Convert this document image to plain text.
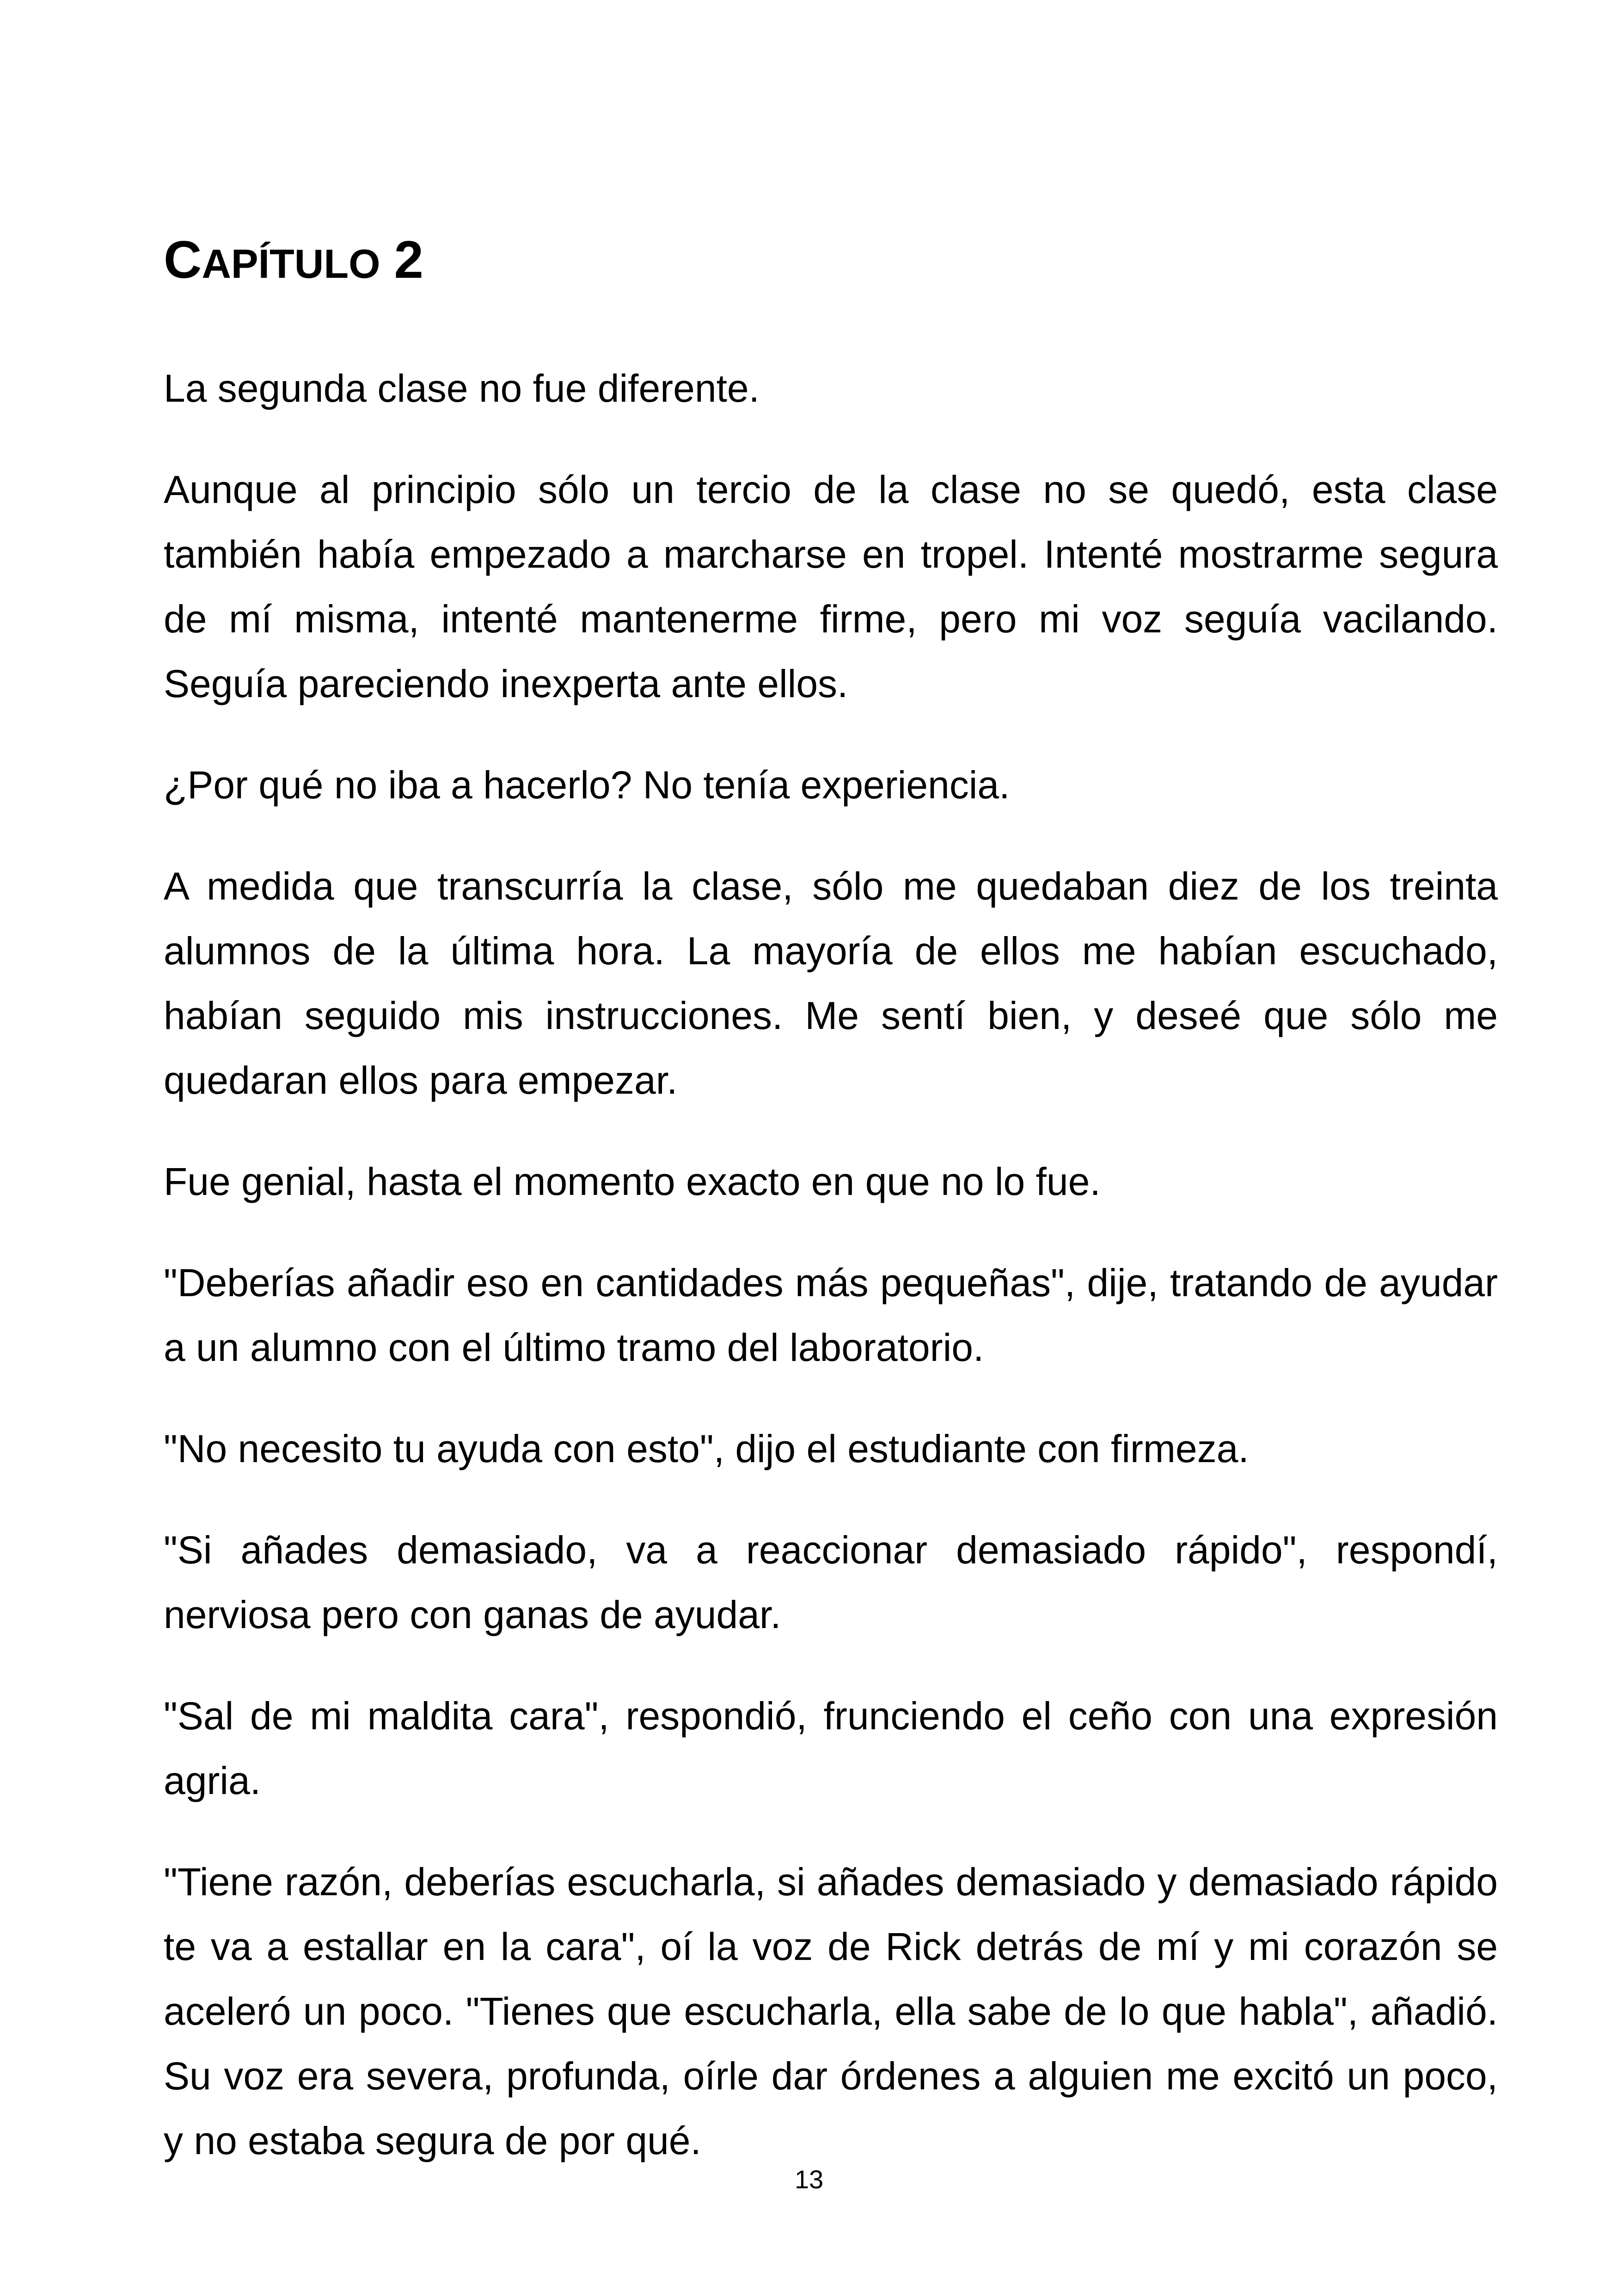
CAPÍTULO 2

La segunda clase no fue diferente.

Aunque al principio sólo un tercio de la clase no se quedó, esta clase también había empezado a marcharse en tropel. Intenté mostrarme segura de mí misma, intenté mantenerme firme, pero mi voz seguía vacilando. Seguía pareciendo inexperta ante ellos.

¿Por qué no iba a hacerlo? No tenía experiencia.

A medida que transcurría la clase, sólo me quedaban diez de los treinta alumnos de la última hora. La mayoría de ellos me habían escuchado, habían seguido mis instrucciones. Me sentí bien, y deseé que sólo me quedaran ellos para empezar.

Fue genial, hasta el momento exacto en que no lo fue.

"Deberías añadir eso en cantidades más pequeñas", dije, tratando de ayudar a un alumno con el último tramo del laboratorio.

"No necesito tu ayuda con esto", dijo el estudiante con firmeza.

"Si añades demasiado, va a reaccionar demasiado rápido", respondí, nerviosa pero con ganas de ayudar.

"Sal de mi maldita cara", respondió, frunciendo el ceño con una expresión agria.

"Tiene razón, deberías escucharla, si añades demasiado y demasiado rápido te va a estallar en la cara", oí la voz de Rick detrás de mí y mi corazón se aceleró un poco. "Tienes que escucharla, ella sabe de lo que habla", añadió. Su voz era severa, profunda, oírle dar órdenes a alguien me excitó un poco, y no estaba segura de por qué.

13
